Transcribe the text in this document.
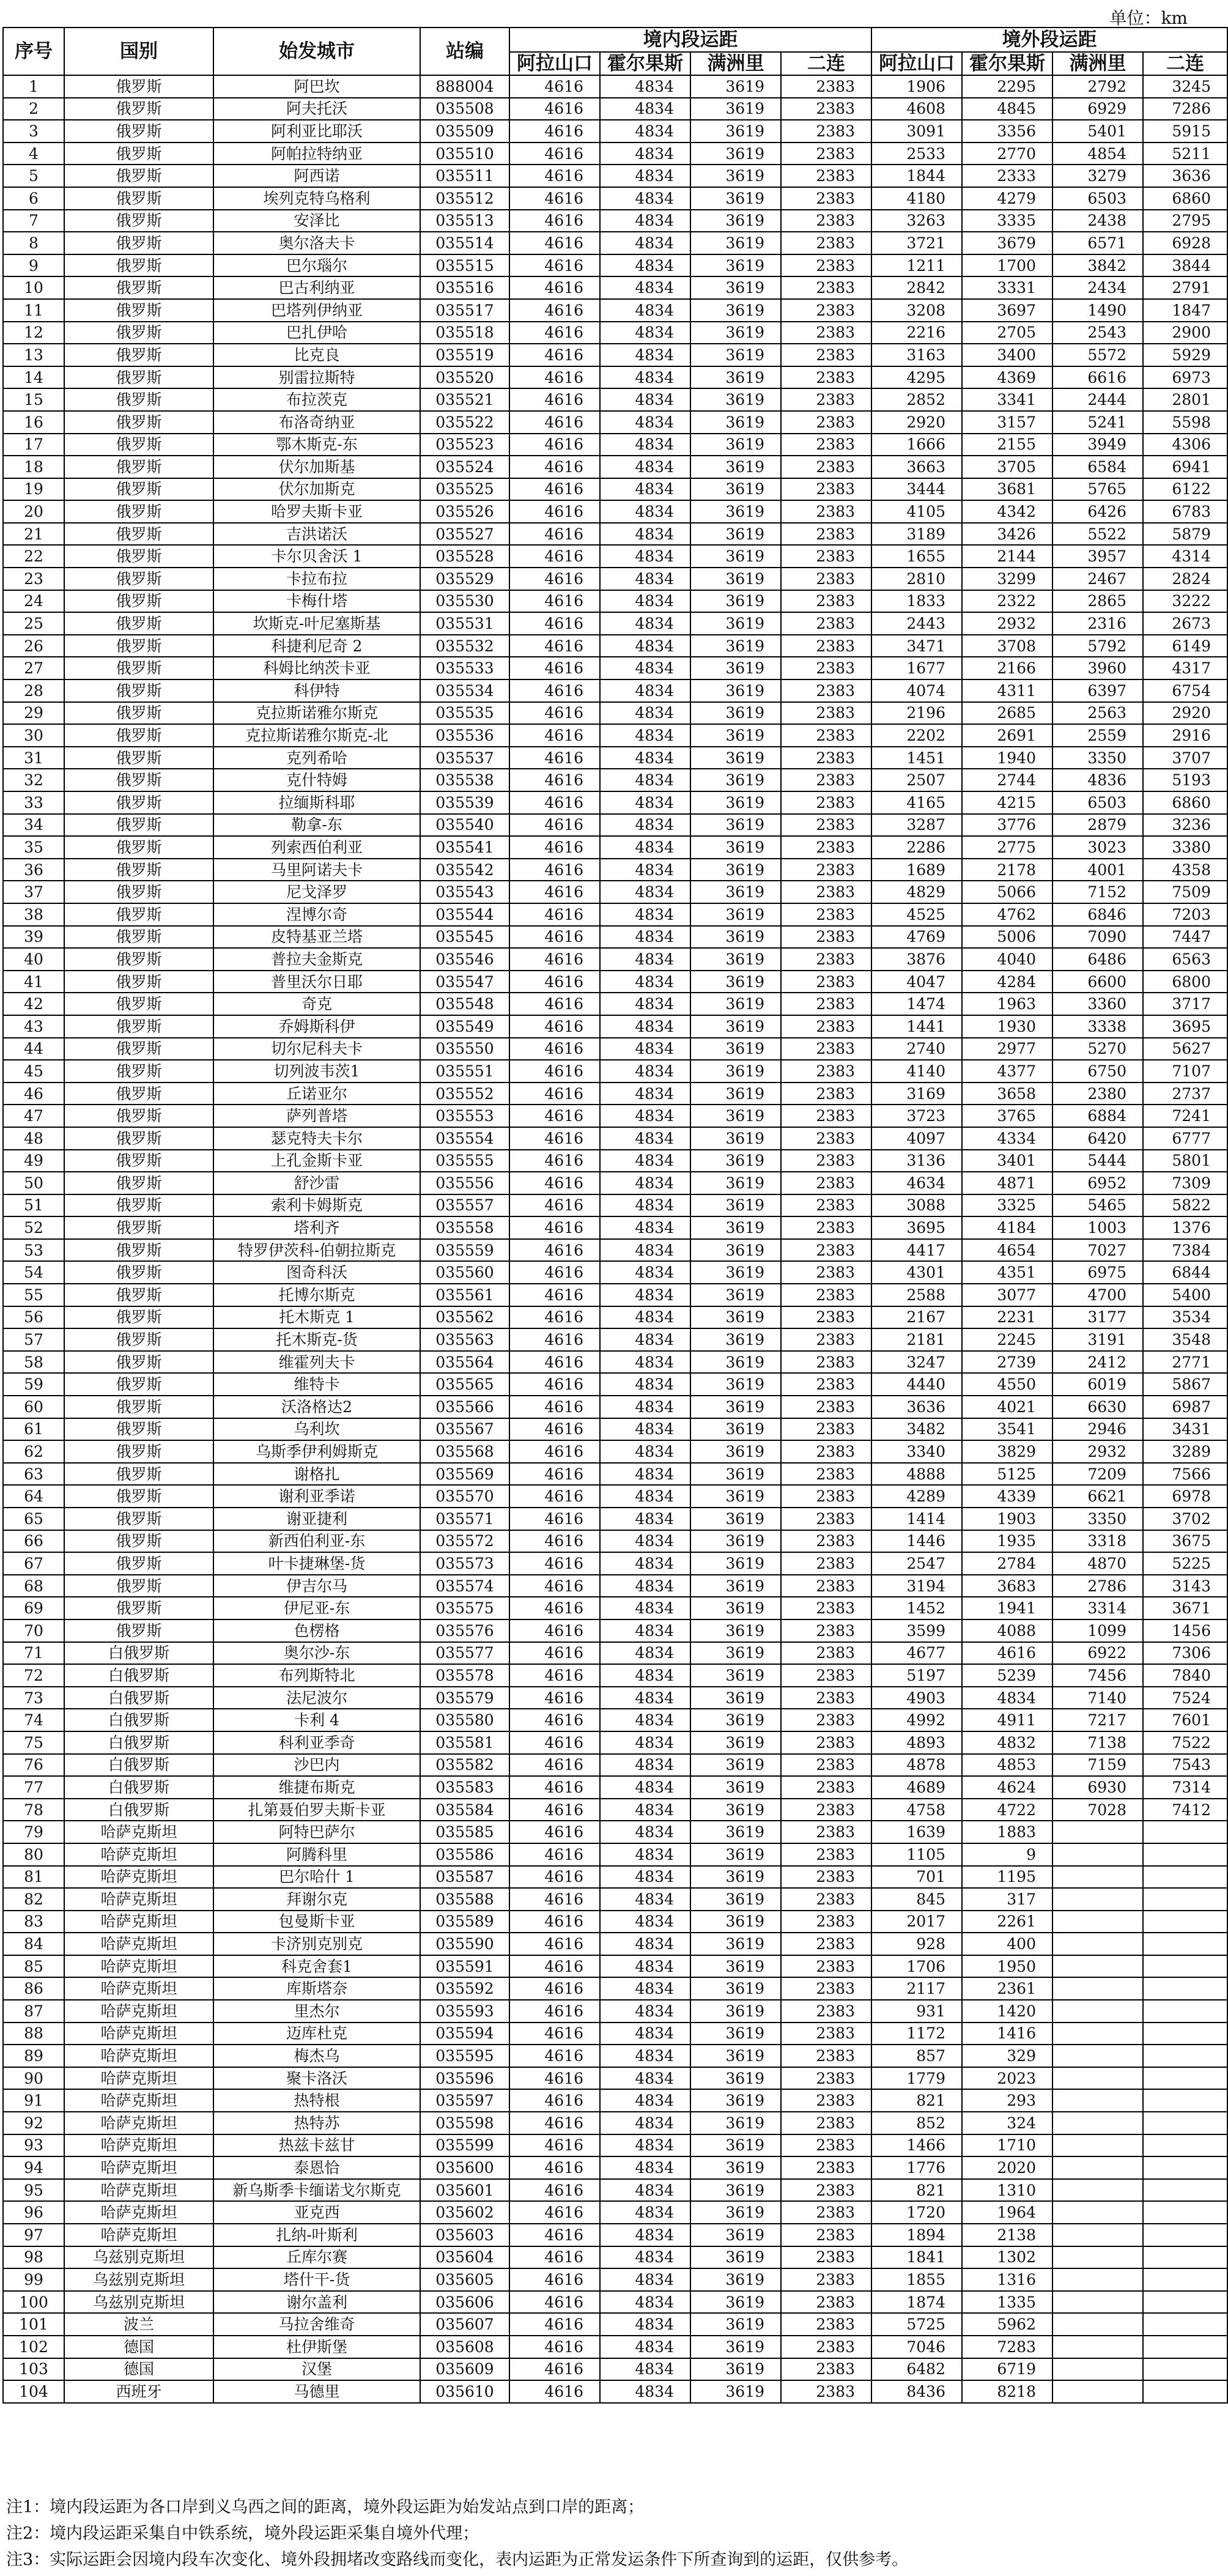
单位：km
序号	国别	始发城市	站编	境内段运距				境外段运距			
				阿拉山口	霍尔果斯	满洲里	二连	阿拉山口	霍尔果斯	满洲里	二连
1	俄罗斯	阿巴坎	888004	4616	4834	3619	2383	1906	2295	2792	3245
2	俄罗斯	阿夫托沃	035508	4616	4834	3619	2383	4608	4845	6929	7286
3	俄罗斯	阿利亚比耶沃	035509	4616	4834	3619	2383	3091	3356	5401	5915
4	俄罗斯	阿帕拉特纳亚	035510	4616	4834	3619	2383	2533	2770	4854	5211
5	俄罗斯	阿西诺	035511	4616	4834	3619	2383	1844	2333	3279	3636
6	俄罗斯	埃列克特乌格利	035512	4616	4834	3619	2383	4180	4279	6503	6860
7	俄罗斯	安泽比	035513	4616	4834	3619	2383	3263	3335	2438	2795
8	俄罗斯	奥尔洛夫卡	035514	4616	4834	3619	2383	3721	3679	6571	6928
9	俄罗斯	巴尔瑙尔	035515	4616	4834	3619	2383	1211	1700	3842	3844
10	俄罗斯	巴古利纳亚	035516	4616	4834	3619	2383	2842	3331	2434	2791
11	俄罗斯	巴塔列伊纳亚	035517	4616	4834	3619	2383	3208	3697	1490	1847
12	俄罗斯	巴扎伊哈	035518	4616	4834	3619	2383	2216	2705	2543	2900
13	俄罗斯	比克良	035519	4616	4834	3619	2383	3163	3400	5572	5929
14	俄罗斯	别雷拉斯特	035520	4616	4834	3619	2383	4295	4369	6616	6973
15	俄罗斯	布拉茨克	035521	4616	4834	3619	2383	2852	3341	2444	2801
16	俄罗斯	布洛奇纳亚	035522	4616	4834	3619	2383	2920	3157	5241	5598
17	俄罗斯	鄂木斯克-东	035523	4616	4834	3619	2383	1666	2155	3949	4306
18	俄罗斯	伏尔加斯基	035524	4616	4834	3619	2383	3663	3705	6584	6941
19	俄罗斯	伏尔加斯克	035525	4616	4834	3619	2383	3444	3681	5765	6122
20	俄罗斯	哈罗夫斯卡亚	035526	4616	4834	3619	2383	4105	4342	6426	6783
21	俄罗斯	吉洪诺沃	035527	4616	4834	3619	2383	3189	3426	5522	5879
22	俄罗斯	卡尔贝舍沃 1	035528	4616	4834	3619	2383	1655	2144	3957	4314
23	俄罗斯	卡拉布拉	035529	4616	4834	3619	2383	2810	3299	2467	2824
24	俄罗斯	卡梅什塔	035530	4616	4834	3619	2383	1833	2322	2865	3222
25	俄罗斯	坎斯克-叶尼塞斯基	035531	4616	4834	3619	2383	2443	2932	2316	2673
26	俄罗斯	科捷利尼奇 2	035532	4616	4834	3619	2383	3471	3708	5792	6149
27	俄罗斯	科姆比纳茨卡亚	035533	4616	4834	3619	2383	1677	2166	3960	4317
28	俄罗斯	科伊特	035534	4616	4834	3619	2383	4074	4311	6397	6754
29	俄罗斯	克拉斯诺雅尔斯克	035535	4616	4834	3619	2383	2196	2685	2563	2920
30	俄罗斯	克拉斯诺雅尔斯克-北	035536	4616	4834	3619	2383	2202	2691	2559	2916
31	俄罗斯	克列希哈	035537	4616	4834	3619	2383	1451	1940	3350	3707
32	俄罗斯	克什特姆	035538	4616	4834	3619	2383	2507	2744	4836	5193
33	俄罗斯	拉缅斯科耶	035539	4616	4834	3619	2383	4165	4215	6503	6860
34	俄罗斯	勒拿-东	035540	4616	4834	3619	2383	3287	3776	2879	3236
35	俄罗斯	列索西伯利亚	035541	4616	4834	3619	2383	2286	2775	3023	3380
36	俄罗斯	马里阿诺夫卡	035542	4616	4834	3619	2383	1689	2178	4001	4358
37	俄罗斯	尼戈泽罗	035543	4616	4834	3619	2383	4829	5066	7152	7509
38	俄罗斯	涅博尔奇	035544	4616	4834	3619	2383	4525	4762	6846	7203
39	俄罗斯	皮特基亚兰塔	035545	4616	4834	3619	2383	4769	5006	7090	7447
40	俄罗斯	普拉夫金斯克	035546	4616	4834	3619	2383	3876	4040	6486	6563
41	俄罗斯	普里沃尔日耶	035547	4616	4834	3619	2383	4047	4284	6600	6800
42	俄罗斯	奇克	035548	4616	4834	3619	2383	1474	1963	3360	3717
43	俄罗斯	乔姆斯科伊	035549	4616	4834	3619	2383	1441	1930	3338	3695
44	俄罗斯	切尔尼科夫卡	035550	4616	4834	3619	2383	2740	2977	5270	5627
45	俄罗斯	切列波韦茨1	035551	4616	4834	3619	2383	4140	4377	6750	7107
46	俄罗斯	丘诺亚尔	035552	4616	4834	3619	2383	3169	3658	2380	2737
47	俄罗斯	萨列普塔	035553	4616	4834	3619	2383	3723	3765	6884	7241
48	俄罗斯	瑟克特夫卡尔	035554	4616	4834	3619	2383	4097	4334	6420	6777
49	俄罗斯	上孔金斯卡亚	035555	4616	4834	3619	2383	3136	3401	5444	5801
50	俄罗斯	舒沙雷	035556	4616	4834	3619	2383	4634	4871	6952	7309
51	俄罗斯	索利卡姆斯克	035557	4616	4834	3619	2383	3088	3325	5465	5822
52	俄罗斯	塔利齐	035558	4616	4834	3619	2383	3695	4184	1003	1376
53	俄罗斯	特罗伊茨科-伯朝拉斯克	035559	4616	4834	3619	2383	4417	4654	7027	7384
54	俄罗斯	图奇科沃	035560	4616	4834	3619	2383	4301	4351	6975	6844
55	俄罗斯	托博尔斯克	035561	4616	4834	3619	2383	2588	3077	4700	5400
56	俄罗斯	托木斯克 1	035562	4616	4834	3619	2383	2167	2231	3177	3534
57	俄罗斯	托木斯克-货	035563	4616	4834	3619	2383	2181	2245	3191	3548
58	俄罗斯	维霍列夫卡	035564	4616	4834	3619	2383	3247	2739	2412	2771
59	俄罗斯	维特卡	035565	4616	4834	3619	2383	4440	4550	6019	5867
60	俄罗斯	沃洛格达2	035566	4616	4834	3619	2383	3636	4021	6630	6987
61	俄罗斯	乌利坎	035567	4616	4834	3619	2383	3482	3541	2946	3431
62	俄罗斯	乌斯季伊利姆斯克	035568	4616	4834	3619	2383	3340	3829	2932	3289
63	俄罗斯	谢格扎	035569	4616	4834	3619	2383	4888	5125	7209	7566
64	俄罗斯	谢利亚季诺	035570	4616	4834	3619	2383	4289	4339	6621	6978
65	俄罗斯	谢亚捷利	035571	4616	4834	3619	2383	1414	1903	3350	3702
66	俄罗斯	新西伯利亚-东	035572	4616	4834	3619	2383	1446	1935	3318	3675
67	俄罗斯	叶卡捷琳堡-货	035573	4616	4834	3619	2383	2547	2784	4870	5225
68	俄罗斯	伊吉尔马	035574	4616	4834	3619	2383	3194	3683	2786	3143
69	俄罗斯	伊尼亚-东	035575	4616	4834	3619	2383	1452	1941	3314	3671
70	俄罗斯	色楞格	035576	4616	4834	3619	2383	3599	4088	1099	1456
71	白俄罗斯	奥尔沙-东	035577	4616	4834	3619	2383	4677	4616	6922	7306
72	白俄罗斯	布列斯特北	035578	4616	4834	3619	2383	5197	5239	7456	7840
73	白俄罗斯	法尼波尔	035579	4616	4834	3619	2383	4903	4834	7140	7524
74	白俄罗斯	卡利 4	035580	4616	4834	3619	2383	4992	4911	7217	7601
75	白俄罗斯	科利亚季奇	035581	4616	4834	3619	2383	4893	4832	7138	7522
76	白俄罗斯	沙巴内	035582	4616	4834	3619	2383	4878	4853	7159	7543
77	白俄罗斯	维捷布斯克	035583	4616	4834	3619	2383	4689	4624	6930	7314
78	白俄罗斯	扎第聂伯罗夫斯卡亚	035584	4616	4834	3619	2383	4758	4722	7028	7412
79	哈萨克斯坦	阿特巴萨尔	035585	4616	4834	3619	2383	1639	1883		
80	哈萨克斯坦	阿腾科里	035586	4616	4834	3619	2383	1105	9		
81	哈萨克斯坦	巴尔哈什 1	035587	4616	4834	3619	2383	701	1195		
82	哈萨克斯坦	拜谢尔克	035588	4616	4834	3619	2383	845	317		
83	哈萨克斯坦	包曼斯卡亚	035589	4616	4834	3619	2383	2017	2261		
84	哈萨克斯坦	卡济别克别克	035590	4616	4834	3619	2383	928	400		
85	哈萨克斯坦	科克舍套1	035591	4616	4834	3619	2383	1706	1950		
86	哈萨克斯坦	库斯塔奈	035592	4616	4834	3619	2383	2117	2361		
87	哈萨克斯坦	里杰尔	035593	4616	4834	3619	2383	931	1420		
88	哈萨克斯坦	迈库杜克	035594	4616	4834	3619	2383	1172	1416		
89	哈萨克斯坦	梅杰乌	035595	4616	4834	3619	2383	857	329		
90	哈萨克斯坦	聚卡洛沃	035596	4616	4834	3619	2383	1779	2023		
91	哈萨克斯坦	热特根	035597	4616	4834	3619	2383	821	293		
92	哈萨克斯坦	热特苏	035598	4616	4834	3619	2383	852	324		
93	哈萨克斯坦	热兹卡兹甘	035599	4616	4834	3619	2383	1466	1710		
94	哈萨克斯坦	泰恩恰	035600	4616	4834	3619	2383	1776	2020		
95	哈萨克斯坦	新乌斯季卡缅诺戈尔斯克	035601	4616	4834	3619	2383	821	1310		
96	哈萨克斯坦	亚克西	035602	4616	4834	3619	2383	1720	1964		
97	哈萨克斯坦	扎纳-叶斯利	035603	4616	4834	3619	2383	1894	2138		
98	乌兹别克斯坦	丘库尔赛	035604	4616	4834	3619	2383	1841	1302		
99	乌兹别克斯坦	塔什干-货	035605	4616	4834	3619	2383	1855	1316		
100	乌兹别克斯坦	谢尔盖利	035606	4616	4834	3619	2383	1874	1335		
101	波兰	马拉舍维奇	035607	4616	4834	3619	2383	5725	5962		
102	德国	杜伊斯堡	035608	4616	4834	3619	2383	7046	7283		
103	德国	汉堡	035609	4616	4834	3619	2383	6482	6719		
104	西班牙	马德里	035610	4616	4834	3619	2383	8436	8218		
注1：境内段运距为各口岸到义乌西之间的距离，境外段运距为始发站点到口岸的距离；
注2：境内段运距采集自中铁系统，境外段运距采集自境外代理；
注3：实际运距会因境内段车次变化、境外段拥堵改变路线而变化，表内运距为正常发运条件下所查询到的运距，仅供参考。
